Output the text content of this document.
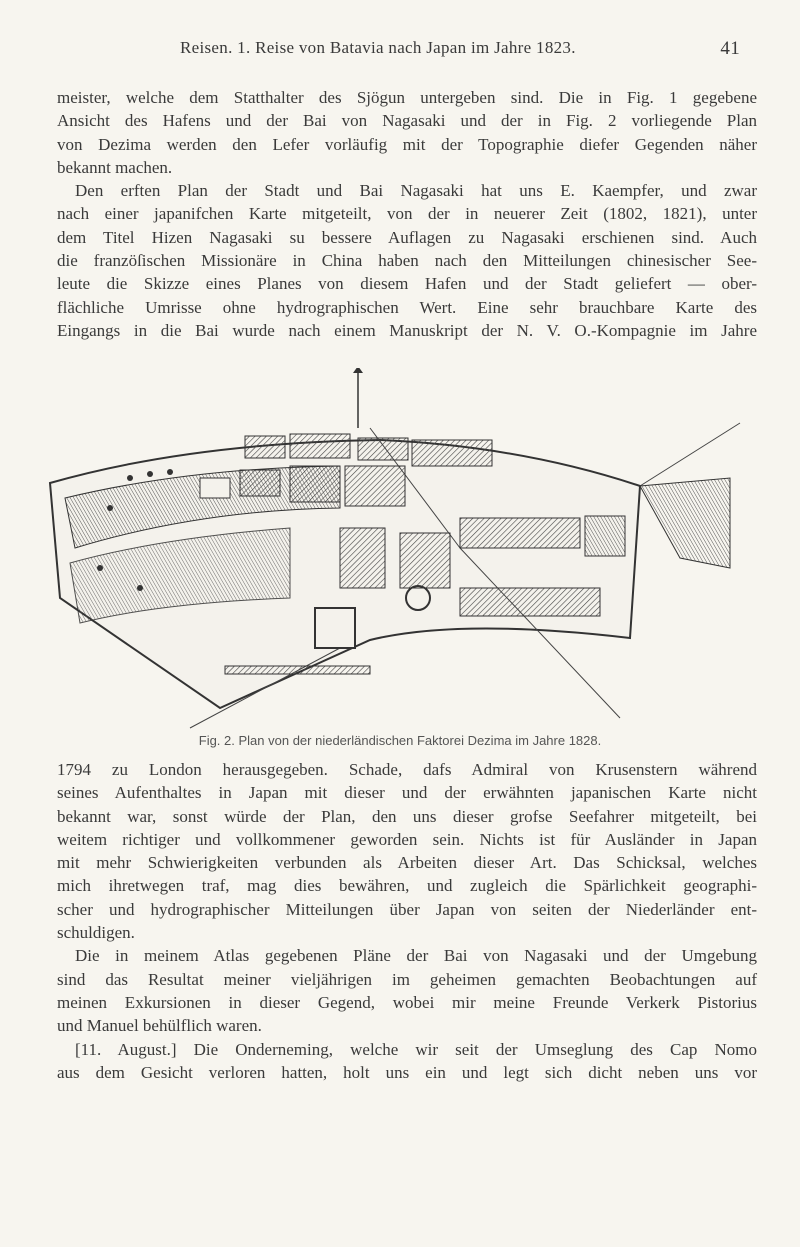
Reisen. 1. Reise von Batavia nach Japan im Jahre 1823.	41
meister, welche dem Statthalter des Sjögun untergeben sind. Die in Fig. 1 gegebene
Ansicht des Hafens und der Bai von Nagasaki und der in Fig. 2 vorliegende Plan
von Dezima werden den Lefer vorläufig mit der Topographie diefer Gegenden näher
bekannt machen.
Den erften Plan der Stadt und Bai Nagasaki hat uns E. Kaempfer, und zwar
nach einer japanifchen Karte mitgeteilt, von der in neuerer Zeit (1802, 1821), unter
dem Titel Hizen Nagasaki su bessere Auflagen zu Nagasaki erschienen sind. Auch
die franzöſischen Missionäre in China haben nach den Mitteilungen chinesischer See-
leute die Skizze eines Planes von diesem Hafen und der Stadt geliefert — ober-
flächliche Umrisse ohne hydrographischen Wert. Eine sehr brauchbare Karte des
Eingangs in die Bai wurde nach einem Manuskript der N. V. O.-Kompagnie im Jahre
Fig. 2. Plan von der niederländischen Faktorei Dezima im Jahre 1828.
1794 zu London herausgegeben. Schade, dafs Admiral von Krusenstern während
seines Aufenthaltes in Japan mit dieser und der erwähnten japanischen Karte nicht
bekannt war, sonst würde der Plan, den uns dieser grofse Seefahrer mitgeteilt, bei
weitem richtiger und vollkommener geworden sein. Nichts ist für Ausländer in Japan
mit mehr Schwierigkeiten verbunden als Arbeiten dieser Art. Das Schicksal, welches
mich ihretwegen traf, mag dies bewähren, und zugleich die Spärlichkeit geographi-
scher und hydrographischer Mitteilungen über Japan von seiten der Niederländer ent-
schuldigen.
Die in meinem Atlas gegebenen Pläne der Bai von Nagasaki und der Umgebung
sind das Resultat meiner vieljährigen im geheimen gemachten Beobachtungen auf
meinen Exkursionen in dieser Gegend, wobei mir meine Freunde Verkerk Pistorius
und Manuel behülflich waren.
[11. August.] Die Onderneming, welche wir seit der Umseglung des Cap Nomo
aus dem Gesicht verloren hatten, holt uns ein und legt sich dicht neben uns vor
